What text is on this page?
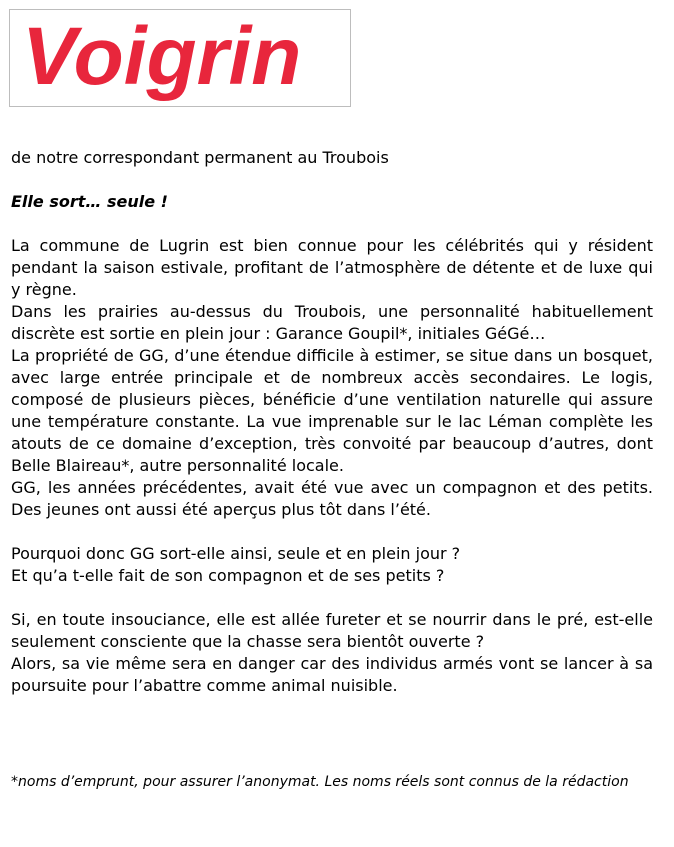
Voigrin
de notre correspondant permanent au Troubois
Elle sort… seule !

La commune de Lugrin est bien connue pour les célébrités qui y résident pendant la saison estivale, profitant de l’atmosphère de détente et de luxe qui y règne.

Dans les prairies au-dessus du Troubois, une personnalité habituellement discrète est sortie en plein jour : Garance Goupil*, initiales GéGé…

La propriété de GG, d’une étendue difficile à estimer, se situe dans un bosquet, avec large entrée principale et de nombreux accès secondaires. Le logis, composé de plusieurs pièces, bénéficie d’une ventilation naturelle qui assure une température constante. La vue imprenable sur le lac Léman complète les atouts de ce domaine d’exception, très convoité par beaucoup d’autres, dont Belle Blaireau*, autre personnalité locale.

GG, les années précédentes, avait été vue avec un compagnon et des petits. Des jeunes ont aussi été aperçus plus tôt dans l’été.

Pourquoi donc GG sort-elle ainsi, seule et en plein jour ?

Et qu’a t-elle fait de son compagnon et de ses petits ?

Si, en toute insouciance, elle est allée fureter et se nourrir dans le pré, est-elle seulement consciente que la chasse sera bientôt ouverte ?

Alors, sa vie même sera en danger car des individus armés vont se lancer à sa poursuite pour l’abattre comme animal nuisible.

*noms d’emprunt, pour assurer l’anonymat. Les noms réels sont connus de la rédaction
